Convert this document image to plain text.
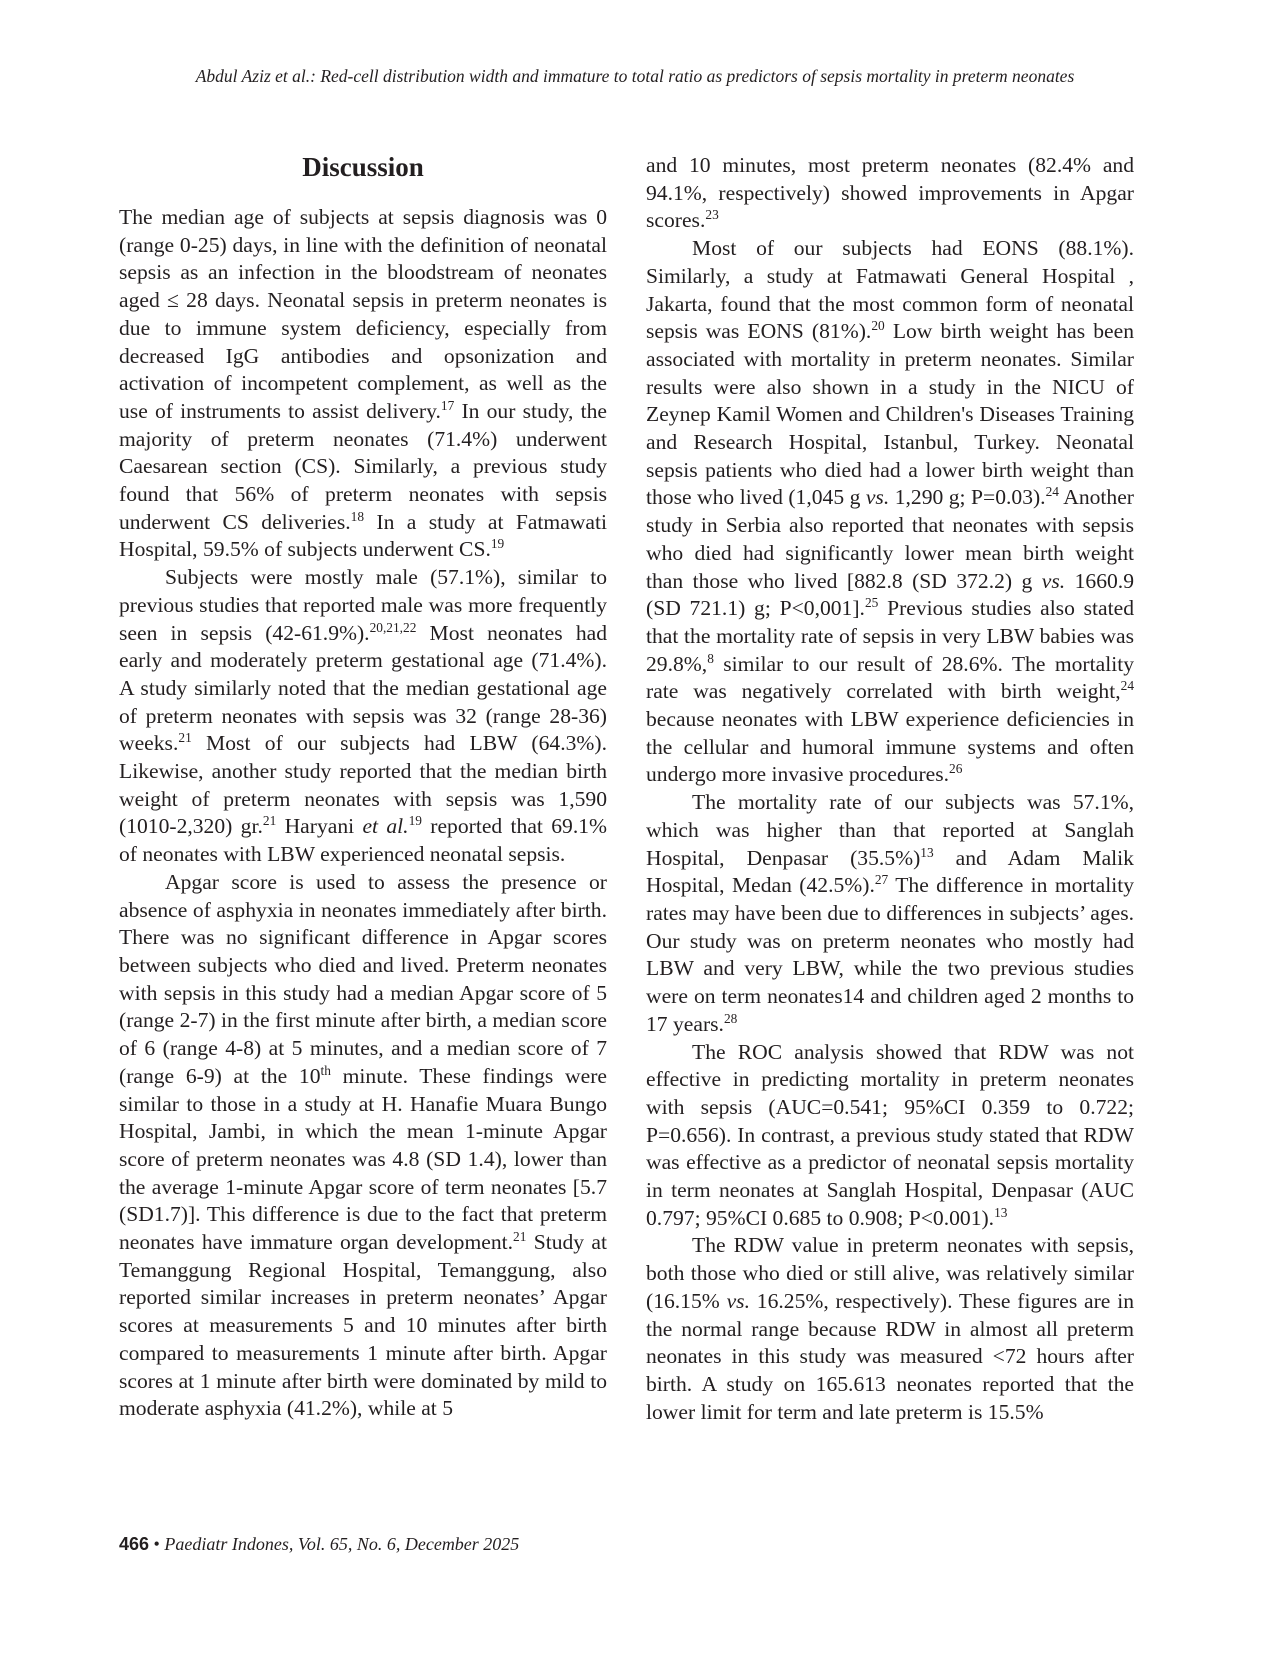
Abdul Aziz et al.: Red-cell distribution width and immature to total ratio as predictors of sepsis mortality in preterm neonates
Discussion

The median age of subjects at sepsis diagnosis was 0 (range 0-25) days, in line with the definition of neonatal sepsis as an infection in the bloodstream of neonates aged ≤ 28 days. Neonatal sepsis in preterm neonates is due to immune system deficiency, especially from decreased IgG antibodies and opsonization and activation of incompetent complement, as well as the use of instruments to assist delivery.$^{17}$ In our study, the majority of preterm neonates (71.4%) underwent Caesarean section (CS). Similarly, a previous study found that 56% of preterm neonates with sepsis underwent CS deliveries.$^{18}$ In a study at Fatmawati Hospital, 59.5% of subjects underwent CS.$^{19}$

Subjects were mostly male (57.1%), similar to previous studies that reported male was more frequently seen in sepsis (42-61.9%).$^{20,21,22}$ Most neonates had early and moderately preterm gestational age (71.4%). A study similarly noted that the median gestational age of preterm neonates with sepsis was 32 (range 28-36) weeks.$^{21}$ Most of our subjects had LBW (64.3%). Likewise, another study reported that the median birth weight of preterm neonates with sepsis was 1,590 (1010-2,320) gr.$^{21}$ Haryani et al.$^{19}$ reported that 69.1% of neonates with LBW experienced neonatal sepsis.

Apgar score is used to assess the presence or absence of asphyxia in neonates immediately after birth. There was no significant difference in Apgar scores between subjects who died and lived. Preterm neonates with sepsis in this study had a median Apgar score of 5 (range 2-7) in the first minute after birth, a median score of 6 (range 4-8) at 5 minutes, and a median score of 7 (range 6-9) at the 10th minute. These findings were similar to those in a study at H. Hanafie Muara Bungo Hospital, Jambi, in which the mean 1-minute Apgar score of preterm neonates was 4.8 (SD 1.4), lower than the average 1-minute Apgar score of term neonates [5.7 (SD1.7)]. This difference is due to the fact that preterm neonates have immature organ development.$^{21}$ Study at Temanggung Regional Hospital, Temanggung, also reported similar increases in preterm neonates’ Apgar scores at measurements 5 and 10 minutes after birth compared to measurements 1 minute after birth. Apgar scores at 1 minute after birth were dominated by mild to moderate asphyxia (41.2%), while at 5

and 10 minutes, most preterm neonates (82.4% and 94.1%, respectively) showed improvements in Apgar scores.$^{23}$

Most of our subjects had EONS (88.1%). Similarly, a study at Fatmawati General Hospital , Jakarta, found that the most common form of neonatal sepsis was EONS (81%).$^{20}$ Low birth weight has been associated with mortality in preterm neonates. Similar results were also shown in a study in the NICU of Zeynep Kamil Women and Children's Diseases Training and Research Hospital, Istanbul, Turkey. Neonatal sepsis patients who died had a lower birth weight than those who lived (1,045 g vs. 1,290 g; P=0.03).$^{24}$ Another study in Serbia also reported that neonates with sepsis who died had significantly lower mean birth weight than those who lived [882.8 (SD 372.2) g vs. 1660.9 (SD 721.1) g; P<0,001].$^{25}$ Previous studies also stated that the mortality rate of sepsis in very LBW babies was 29.8%,$^8$ similar to our result of 28.6%. The mortality rate was negatively correlated with birth weight,$^{24}$ because neonates with LBW experience deficiencies in the cellular and humoral immune systems and often undergo more invasive procedures.$^{26}$

The mortality rate of our subjects was 57.1%, which was higher than that reported at Sanglah Hospital, Denpasar $(35.5\%)^{13}$ and Adam Malik Hospital, Medan (42.5%).$^{27}$ The difference in mortality rates may have been due to differences in subjects’ ages. Our study was on preterm neonates who mostly had LBW and very LBW, while the two previous studies were on term neonates14 and children aged 2 months to 17 years.$^{28}$

The ROC analysis showed that RDW was not effective in predicting mortality in preterm neonates with sepsis (AUC=0.541; 95%CI 0.359 to 0.722; P=0.656). In contrast, a previous study stated that RDW was effective as a predictor of neonatal sepsis mortality in term neonates at Sanglah Hospital, Denpasar (AUC 0.797; 95%CI 0.685 to 0.908; P<0.001).$^{13}$

The RDW value in preterm neonates with sepsis, both those who died or still alive, was relatively similar (16.15% vs. 16.25%, respectively). These figures are in the normal range because RDW in almost all preterm neonates in this study was measured <72 hours after birth. A study on 165.613 neonates reported that the lower limit for term and late preterm is 15.5%

466 • Paediatr Indones, Vol. 65, No. 6, December 2025
